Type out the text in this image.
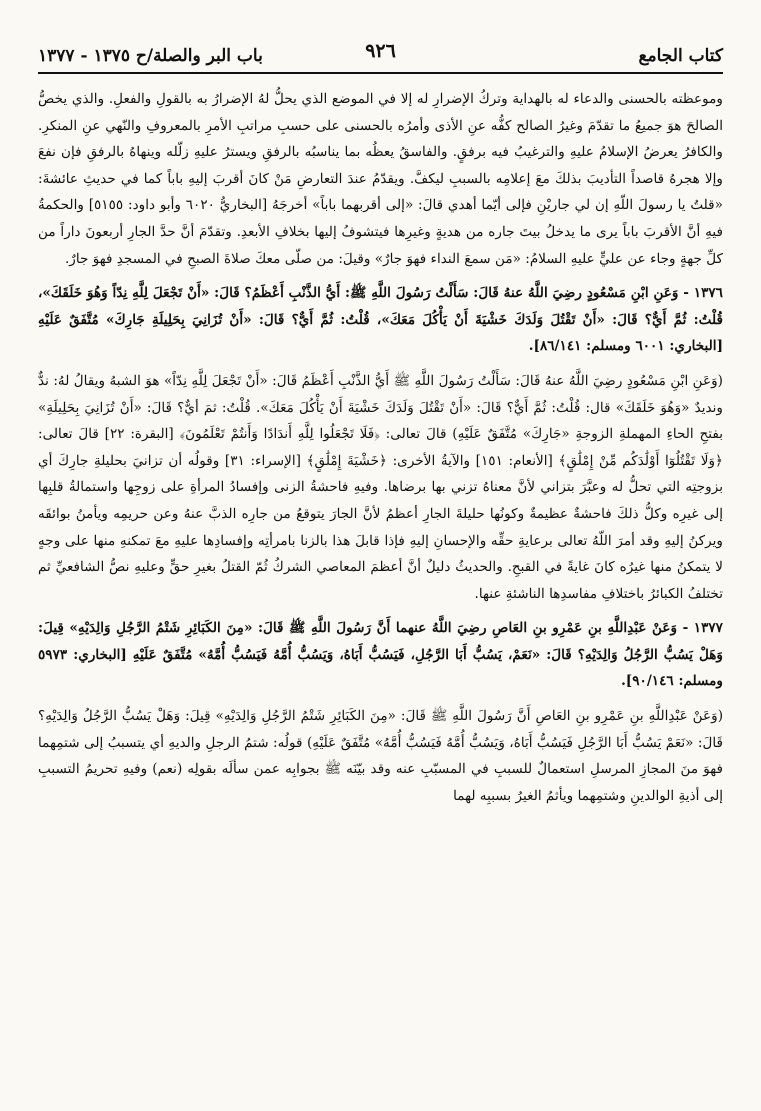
كتاب الجامع
٩٢٦
باب البر والصلة/ح ١٣٧٥ - ١٣٧٧

وموعظته بالحسنى والدعاء له بالهداية وتركُ الإضرارِ له إلا في الموضع الذي يحلُّ لهُ الإضرارُ به بالقولِ والفعلِ. والذي يخصُّ الصالحَ هوَ جميعُ ما تقدّمَ وغيرُ الصالح كفُّه عنِ الأذى وأمرُه بالحسنى على حسبِ مراتبِ الأمرِ بالمعروفِ والنّهي عنِ المنكرِ. والكافرُ يعرضُ الإسلامُ عليهِ والترغيبُ فيه برفقٍ. والفاسقُ يعظُه بما يناسبُه بالرفقِ ويسترُ عليهِ زلّله وينهاهُ بالرفقِ فإن نفعَ وإلا هجرهُ قاصداً التأديبَ بذلكَ معَ إعلامِه بالسببِ ليكفَّ. ويقدّمُ عندَ التعارضِ مَنْ كانَ أقربَ إليهِ باباً كما في حديثِ عائشةَ: «قلتُ يا رسولَ اللّهِ إن لي جاريْنِ فإلى أيّما أهدي قالَ: «إلى أقربهما باباً» أخرجَهُ [البخاريُّ ٦٠٢٠ وأبو داود: ٥١٥٥] والحكمةُ فيهِ أنَّ الأقربَ باباً يرى ما يدخلُ بيتَ جاره من هديةٍ وغيرِها فيتشوفُ إليها بخلافِ الأبعدِ. وتقدّمَ أنَّ حدَّ الجارِ أربعونَ داراً من كلِّ جهةٍ وجاء عن عليٍّ عليهِ السلامُ: «مَن سمعَ النداء فهوَ جارٌ» وقيلَ: من صلّى معكَ صلاةَ الصبحِ في المسجدِ فهوَ جارٌ.

١٣٧٦ - وَعَنِ ابْنِ مَسْعُودٍ رضِيَ اللَّهُ عنهُ قَالَ: سَأَلْتُ رَسُولَ اللَّهِ ﷺ: أَيُّ الذَّنْبِ أَعْظَمُ؟ قَالَ: «أَنْ تَجْعَلَ لِلَّهِ نِدّاً وَهُوَ خَلَقَكَ»، قُلْتُ: ثُمَّ أَيٌّ؟ قَالَ: «أَنْ تَقْتُلَ وَلَدَكَ خَشْيَةَ أَنْ يَأْكُلَ مَعَكَ»، قُلْتُ: ثُمَّ أَيٌّ؟ قَالَ: «أَنْ تُزَانِيَ بِحَلِيلَةِ جَارِكَ» مُتَّفَقٌ عَلَيْهِ [البخاري: ٦٠٠١ ومسلم: ٨٦/١٤١].

(وَعَنِ ابْنِ مَسْعُودٍ رضِيَ اللَّهُ عنهُ قَالَ: سَأَلْتُ رَسُولَ اللَّهِ ﷺ أَيُّ الذَّنْبِ أَعْظَمُ قَالَ: «أَنْ تَجْعَلَ لِلَّهِ نِدّاً» هوَ الشبهُ ويقالُ لهُ: ندٌّ ونديدٌ «وَهُوَ خَلَقَكَ» قال: قُلْتُ: ثُمَّ أَيٌّ؟ قَالَ: «أَنْ تَقْتُلَ وَلَدَكَ خَشْيَةَ أَنْ يَأْكُلَ مَعَكَ». قُلْتُ: ثمَ أيٌّ؟ قَالَ: «أَنْ تُزَانِيَ بِحَلِيلَةِ» بفتحِ الحاءِ المهملةِ الزوجةِ «جَارِكَ» مُتَّفَقٌ عَلَيْهِ) قالَ تعالى: ﴿فَلَا تَجْعَلُوا لِلَّهِ أَندَادًا وَأَنتُمْ تَعْلَمُونَ﴾ [البقرة: ٢٢] قالَ تعالى: ﴿وَلَا تَقْتُلُوٓا أَوْلَٰدَكُم مِّنْ إِمْلَٰقٍ﴾ [الأنعام: ١٥١] والآيةُ الأخرى: ﴿خَشْيَةَ إِمْلَٰقٍ﴾ [الإسراء: ٣١] وقولُه أن تزانيَ بحليلةِ جارِكَ أي بزوجتِه التي تحلُّ له وعبَّرَ بتزاني لأنَّ معناهُ تزني بها برضاها. وفيهِ فاحشةُ الزنى وإفسادُ المرأةِ على زوجِها واستمالةُ قلبِها إلى غيرِه وكلُّ ذلكَ فاحشةٌ عظيمةٌ وكونُها حليلةَ الجارِ أعظمُ لأنَّ الجارَ يتوقعُ من جارِه الذبَّ عنهُ وعن حريمِه ويأمنُ بوائقَه ويركنُ إليهِ وقد أمرَ اللّهُ تعالى برعايةِ حقِّه والإحسانِ إليهِ فإذا قابلَ هذا بالزنا بامرأتِه وإفسادِها عليهِ معَ تمكنهِ منها على وجهٍ لا يتمكنُ منها غيرُه كانَ غايةً في القبحِ. والحديثُ دليلٌ أنَّ أعظمَ المعاصي الشركُ ثُمّ القتلُ بغيرِ حقٍّ وعليهِ نصُّ الشافعيِّ ثم تختلفُ الكبائرُ باختلافِ مفاسدِها الناشئةِ عنها.

١٣٧٧ - وَعَنْ عَبْدِاللَّهِ بنِ عَمْرِو بنِ العَاصِ رضِيَ اللَّهُ عنهما أَنَّ رَسُولَ اللَّهِ ﷺ قَالَ: «مِنَ الكَبَائِرِ شَتْمُ الرَّجُلِ وَالِدَيْهِ» قِيلَ: وَهَلْ يَسُبُّ الرَّجُلُ وَالِدَيْهِ؟ قَالَ: «نَعَمْ، يَسُبُّ أَبَا الرَّجُلِ، فَيَسُبُّ أَبَاهُ، وَيَسُبُّ أُمَّهُ فَيَسُبُّ أُمَّهُ» مُتَّفَقٌ عَلَيْهِ [البخاري: ٥٩٧٣ ومسلم: ٩٠/١٤٦].

(وَعَنْ عَبْدِاللَّهِ بنِ عَمْرِو بنِ العَاصِ أَنَّ رَسُولَ اللَّهِ ﷺ قَالَ: «مِنَ الكَبَائِرِ شَتْمُ الرَّجُلِ وَالِدَيْهِ» قِيلَ: وَهَلْ يَسُبُّ الرَّجُلُ وَالِدَيْهِ؟ قَالَ: «نَعَمْ يَسُبُّ أَبَا الرَّجُلِ فَيَسُبُّ أَبَاهُ، وَيَسُبُّ أُمَّهُ فَيَسُبُّ أُمَّهُ» مُتَّفَقٌ عَلَيْهِ) قولُه: شتمُ الرجلِ والديهِ أي يتسببُ إلى شتمِهما فهوَ منَ المجازِ المرسلِ استعمالٌ للسببِ في المسبّبِ عنه وقد بيّنَه ﷺ بجوابِه عمن سألَه بقولِه (نعم) وفيهِ تحريمُ التسببِ إلى أذيةِ الوالدينِ وشتمِهما ويأثمُ الغيرُ بسببِه لهما
